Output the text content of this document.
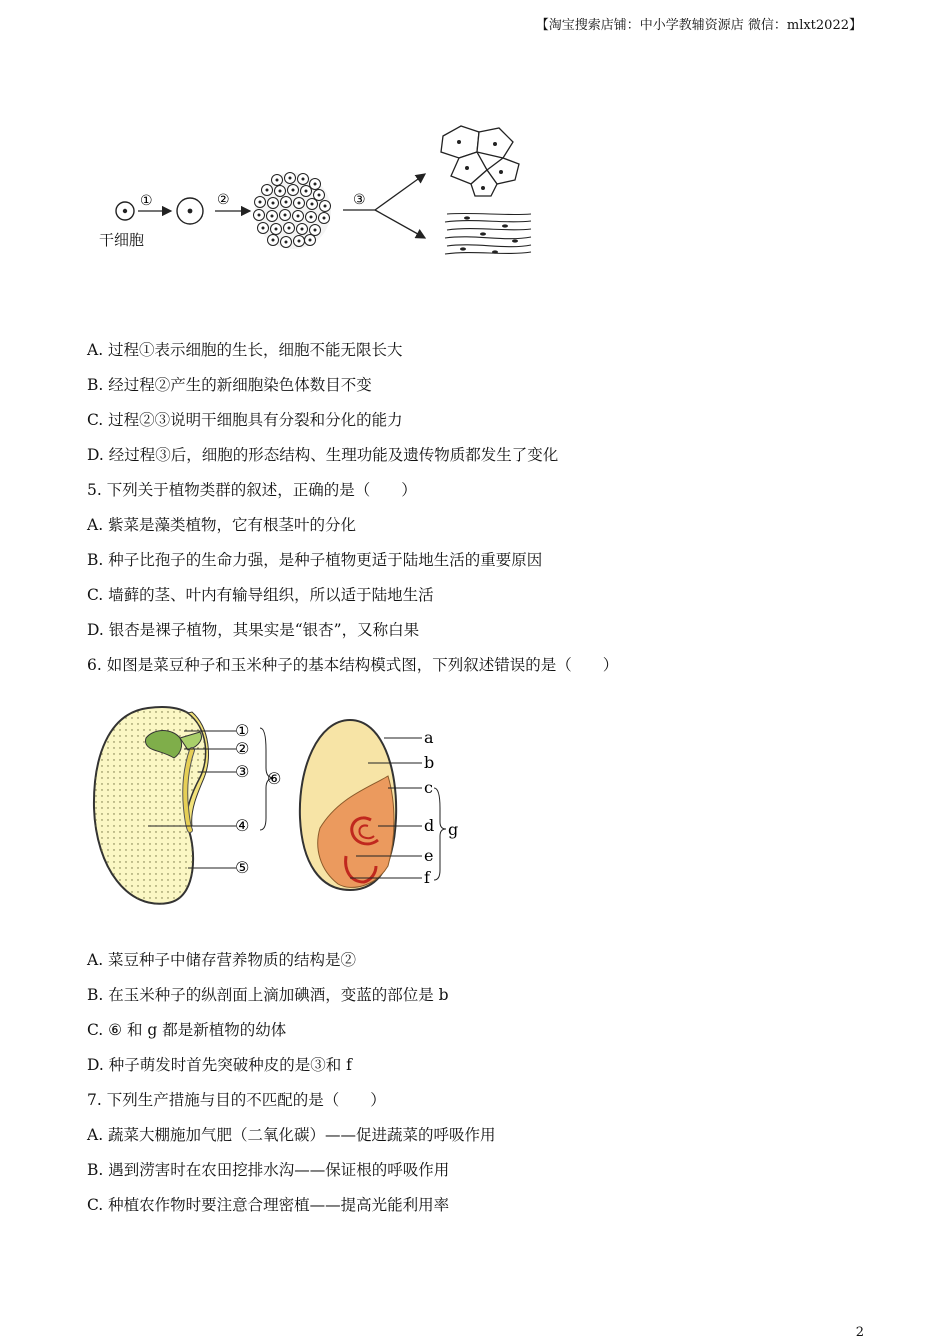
【淘宝搜索店铺：中小学教辅资源店 微信：mlxt2022】
①	②	③
干细胞
A. 过程①表示细胞的生长，细胞不能无限长大
B. 经过程②产生的新细胞染色体数目不变
C. 过程②③说明干细胞具有分裂和分化的能力
D. 经过程③后，细胞的形态结构、生理功能及遗传物质都发生了变化
5. 下列关于植物类群的叙述，正确的是（　　）
A. 紫菜是藻类植物，它有根茎叶的分化
B. 种子比孢子的生命力强，是种子植物更适于陆地生活的重要原因
C. 墙藓的茎、叶内有输导组织，所以适于陆地生活
D. 银杏是裸子植物，其果实是“银杏”，又称白果
6. 如图是菜豆种子和玉米种子的基本结构模式图，下列叙述错误的是（　　）
①
②
③
④
⑤
⑥
a
b
c
d
e
f
g
A. 菜豆种子中储存营养物质的结构是②
B. 在玉米种子的纵剖面上滴加碘酒，变蓝的部位是 b
C. ⑥ 和 g 都是新植物的幼体
D. 种子萌发时首先突破种皮的是③和 f
7. 下列生产措施与目的不匹配的是（　　）
A. 蔬菜大棚施加气肥（二氧化碳）——促进蔬菜的呼吸作用
B. 遇到涝害时在农田挖排水沟——保证根的呼吸作用
C. 种植农作物时要注意合理密植——提高光能利用率
2
